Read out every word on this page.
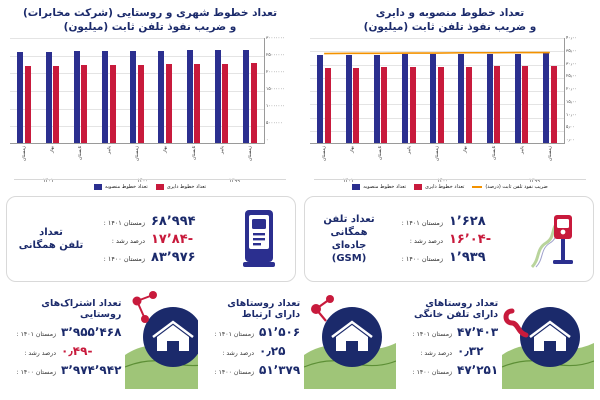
تعداد خطوط منصوبه و دایری
و ضریب نفوذ تلفن ثابت (میلیون)
۴۰٫۰۰
۳۵٫۰۰
۳۰٫۰۰
۲۵٫۰۰
۲۰٫۰۰
۱۵٫۰۰
۱۰٫۰۰
۵٫۰۰
۰٫۰۰
زمستان	بهار	تابستان	پاییز	زمستان	بهار	تابستان	پاییز	زمستان
۱۳۹۹
۱۴۰۰
۱۴۰۱
تعداد خطوط منصوبه	تعداد خطوط دایری	ضریب نفوذ تلفن ثابت (درصد)
تعداد خطوط شهری و روستایی (شرکت مخابرات)
و ضریب نفوذ تلفن ثابت (میلیون)
۳۰۰۰۰۰۰۰
۲۵۰۰۰۰۰۰
۲۰۰۰۰۰۰۰
۱۵۰۰۰۰۰۰
۱۰۰۰۰۰۰۰
۵۰۰۰۰۰۰
۰
زمستان	بهار	تابستان	پاییز	زمستان	بهار	تابستان	پاییز	زمستان
۱۳۹۹
۱۴۰۰
۱۴۰۱
تعداد خطوط منصوبه	تعداد خطوط دایری
تعداد تلفن
همگانی جاده‌ای
(GSM)
زمستان ۱۴۰۱ : ۱٬۶۲۸
درصد رشد : -۱۶٬۰۴
زمستان ۱۴۰۰ : ۱٬۹۳۹
تعداد
تلفن همگانی
زمستان ۱۴۰۱ : ۶۸٬۹۹۴
درصد رشد : -۱۷٬۸۴
زمستان ۱۴۰۰ : ۸۳٬۹۷۶
تعداد روستاهای دارای تلفن خانگی
زمستان ۱۴۰۱ : ۴۷٬۴۰۳
درصد رشد : ٠٫۳۲
زمستان ۱۴۰۰ : ۴۷٬۲۵۱
تعداد روستاهای دارای ارتباط
زمستان ۱۴۰۱ : ۵۱٬۵۰۶
درصد رشد : ٠٫۲۵
زمستان ۱۴۰۰ : ۵۱٬۳۷۹
تعداد اشتراک‌های روستایی
زمستان ۱۴۰۱ : ۳٬۹۵۵٬۴۶۸
درصد رشد : -٠٫۴۹
زمستان ۱۴۰۰ : ۳٬۹۷۴٬۹۴۲
